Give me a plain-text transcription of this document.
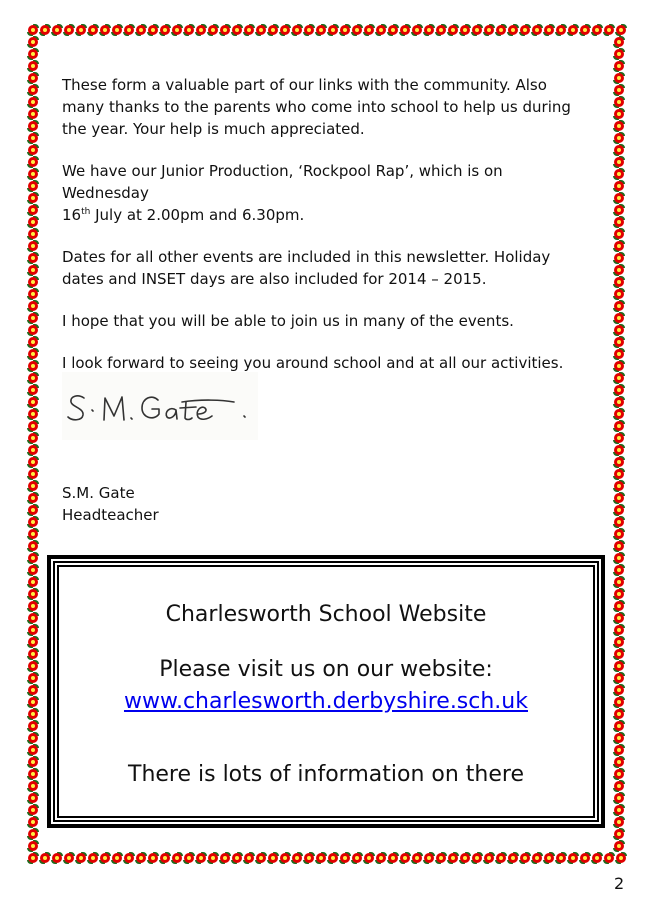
These form a valuable part of our links with the community. Also many thanks to the parents who come into school to help us during the year. Your help is much appreciated.

We have our Junior Production, ‘Rockpool Rap’, which is on Wednesday
16th July at 2.00pm and 6.30pm.

Dates for all other events are included in this newsletter. Holiday dates and INSET days are also included for 2014 – 2015.

I hope that you will be able to join us in many of the events.

I look forward to seeing you around school and at all our activities.

S.M. Gate
Headteacher
Charlesworth School Website
Please visit us on our website:
www.charlesworth.derbyshire.sch.uk
There is lots of information on there
2
